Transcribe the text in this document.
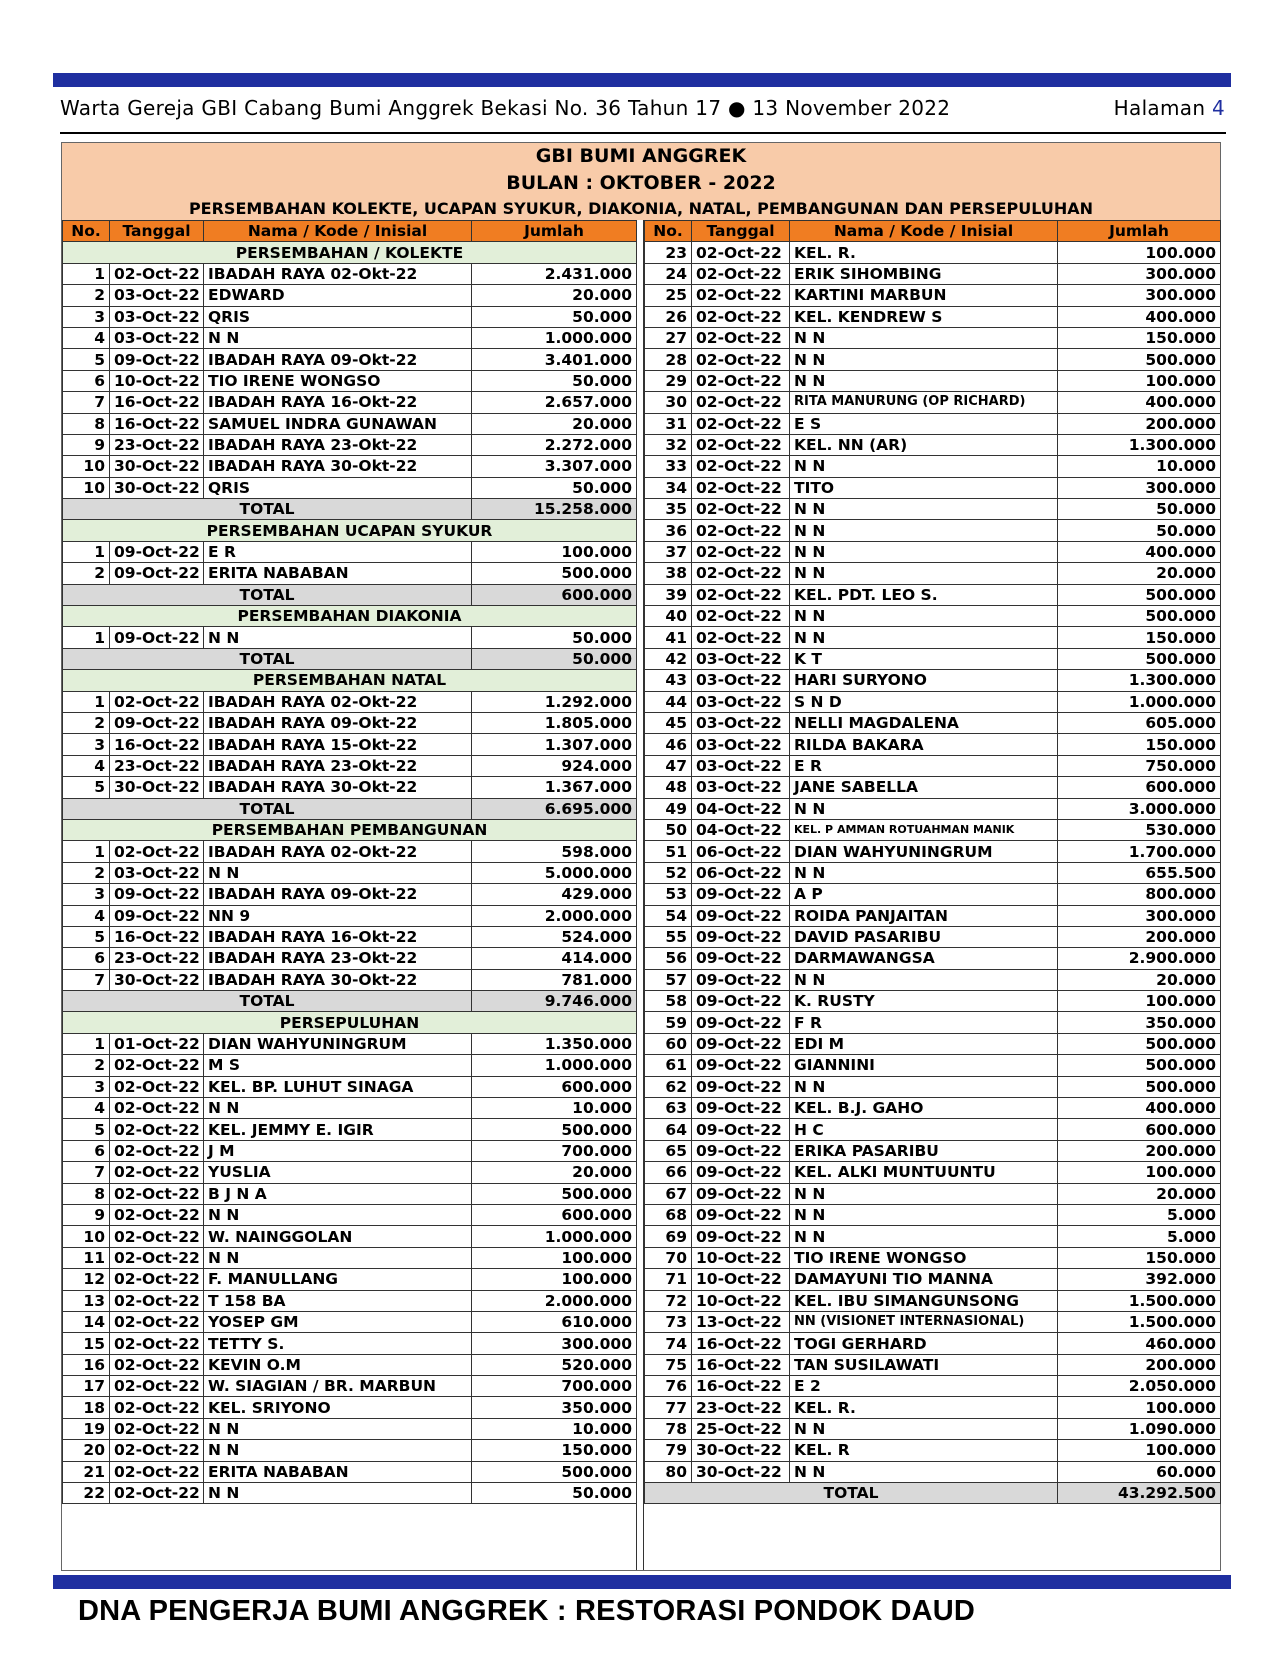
Warta Gereja GBI Cabang Bumi Anggrek Bekasi No. 36 Tahun 17 ● 13 November 2022	Halaman 4
GBI BUMI ANGGREK
BULAN : OKTOBER - 2022
PERSEMBAHAN KOLEKTE, UCAPAN SYUKUR, DIAKONIA, NATAL, PEMBANGUNAN DAN PERSEPULUHAN
No.	Tanggal	Nama / Kode / Inisial	Jumlah
PERSEMBAHAN / KOLEKTE			
1	02-Oct-22	IBADAH RAYA 02-Okt-22	2.431.000
2	03-Oct-22	EDWARD	20.000
3	03-Oct-22	QRIS	50.000
4	03-Oct-22	N N	1.000.000
5	09-Oct-22	IBADAH RAYA 09-Okt-22	3.401.000
6	10-Oct-22	TIO IRENE WONGSO	50.000
7	16-Oct-22	IBADAH RAYA 16-Okt-22	2.657.000
8	16-Oct-22	SAMUEL INDRA GUNAWAN	20.000
9	23-Oct-22	IBADAH RAYA 23-Okt-22	2.272.000
10	30-Oct-22	IBADAH RAYA 30-Okt-22	3.307.000
10	30-Oct-22	QRIS	50.000
TOTAL			15.258.000
PERSEMBAHAN UCAPAN SYUKUR			
1	09-Oct-22	E R	100.000
2	09-Oct-22	ERITA NABABAN	500.000
TOTAL			600.000
PERSEMBAHAN DIAKONIA			
1	09-Oct-22	N N	50.000
TOTAL			50.000
PERSEMBAHAN NATAL			
1	02-Oct-22	IBADAH RAYA 02-Okt-22	1.292.000
2	09-Oct-22	IBADAH RAYA 09-Okt-22	1.805.000
3	16-Oct-22	IBADAH RAYA 15-Okt-22	1.307.000
4	23-Oct-22	IBADAH RAYA 23-Okt-22	924.000
5	30-Oct-22	IBADAH RAYA 30-Okt-22	1.367.000
TOTAL			6.695.000
PERSEMBAHAN PEMBANGUNAN			
1	02-Oct-22	IBADAH RAYA 02-Okt-22	598.000
2	03-Oct-22	N N	5.000.000
3	09-Oct-22	IBADAH RAYA 09-Okt-22	429.000
4	09-Oct-22	NN 9	2.000.000
5	16-Oct-22	IBADAH RAYA 16-Okt-22	524.000
6	23-Oct-22	IBADAH RAYA 23-Okt-22	414.000
7	30-Oct-22	IBADAH RAYA 30-Okt-22	781.000
TOTAL			9.746.000
PERSEPULUHAN			
1	01-Oct-22	DIAN WAHYUNINGRUM	1.350.000
2	02-Oct-22	M S	1.000.000
3	02-Oct-22	KEL. BP. LUHUT SINAGA	600.000
4	02-Oct-22	N N	10.000
5	02-Oct-22	KEL. JEMMY E. IGIR	500.000
6	02-Oct-22	J M	700.000
7	02-Oct-22	YUSLIA	20.000
8	02-Oct-22	B J N A	500.000
9	02-Oct-22	N N	600.000
10	02-Oct-22	W. NAINGGOLAN	1.000.000
11	02-Oct-22	N N	100.000
12	02-Oct-22	F. MANULLANG	100.000
13	02-Oct-22	T 158 BA	2.000.000
14	02-Oct-22	YOSEP GM	610.000
15	02-Oct-22	TETTY S.	300.000
16	02-Oct-22	KEVIN O.M	520.000
17	02-Oct-22	W. SIAGIAN / BR. MARBUN	700.000
18	02-Oct-22	KEL. SRIYONO	350.000
19	02-Oct-22	N N	10.000
20	02-Oct-22	N N	150.000
21	02-Oct-22	ERITA NABABAN	500.000
22	02-Oct-22	N N	50.000
No.	Tanggal	Nama / Kode / Inisial	Jumlah
23	02-Oct-22	KEL. R.	100.000
24	02-Oct-22	ERIK SIHOMBING	300.000
25	02-Oct-22	KARTINI MARBUN	300.000
26	02-Oct-22	KEL. KENDREW S	400.000
27	02-Oct-22	N N	150.000
28	02-Oct-22	N N	500.000
29	02-Oct-22	N N	100.000
30	02-Oct-22	RITA MANURUNG (OP RICHARD)	400.000
31	02-Oct-22	E S	200.000
32	02-Oct-22	KEL. NN (AR)	1.300.000
33	02-Oct-22	N N	10.000
34	02-Oct-22	TITO	300.000
35	02-Oct-22	N N	50.000
36	02-Oct-22	N N	50.000
37	02-Oct-22	N N	400.000
38	02-Oct-22	N N	20.000
39	02-Oct-22	KEL. PDT. LEO S.	500.000
40	02-Oct-22	N N	500.000
41	02-Oct-22	N N	150.000
42	03-Oct-22	K T	500.000
43	03-Oct-22	HARI SURYONO	1.300.000
44	03-Oct-22	S N D	1.000.000
45	03-Oct-22	NELLI MAGDALENA	605.000
46	03-Oct-22	RILDA BAKARA	150.000
47	03-Oct-22	E R	750.000
48	03-Oct-22	JANE SABELLA	600.000
49	04-Oct-22	N N	3.000.000
50	04-Oct-22	KEL. P AMMAN ROTUAHMAN MANIK	530.000
51	06-Oct-22	DIAN WAHYUNINGRUM	1.700.000
52	06-Oct-22	N N	655.500
53	09-Oct-22	A P	800.000
54	09-Oct-22	ROIDA PANJAITAN	300.000
55	09-Oct-22	DAVID PASARIBU	200.000
56	09-Oct-22	DARMAWANGSA	2.900.000
57	09-Oct-22	N N	20.000
58	09-Oct-22	K. RUSTY	100.000
59	09-Oct-22	F R	350.000
60	09-Oct-22	EDI M	500.000
61	09-Oct-22	GIANNINI	500.000
62	09-Oct-22	N N	500.000
63	09-Oct-22	KEL. B.J. GAHO	400.000
64	09-Oct-22	H C	600.000
65	09-Oct-22	ERIKA PASARIBU	200.000
66	09-Oct-22	KEL. ALKI MUNTUUNTU	100.000
67	09-Oct-22	N N	20.000
68	09-Oct-22	N N	5.000
69	09-Oct-22	N N	5.000
70	10-Oct-22	TIO IRENE WONGSO	150.000
71	10-Oct-22	DAMAYUNI TIO MANNA	392.000
72	10-Oct-22	KEL. IBU SIMANGUNSONG	1.500.000
73	13-Oct-22	NN (VISIONET INTERNASIONAL)	1.500.000
74	16-Oct-22	TOGI GERHARD	460.000
75	16-Oct-22	TAN SUSILAWATI	200.000
76	16-Oct-22	E 2	2.050.000
77	23-Oct-22	KEL. R.	100.000
78	25-Oct-22	N N	1.090.000
79	30-Oct-22	KEL. R	100.000
80	30-Oct-22	N N	60.000
TOTAL			43.292.500
DNA PENGERJA BUMI ANGGREK : RESTORASI PONDOK DAUD
